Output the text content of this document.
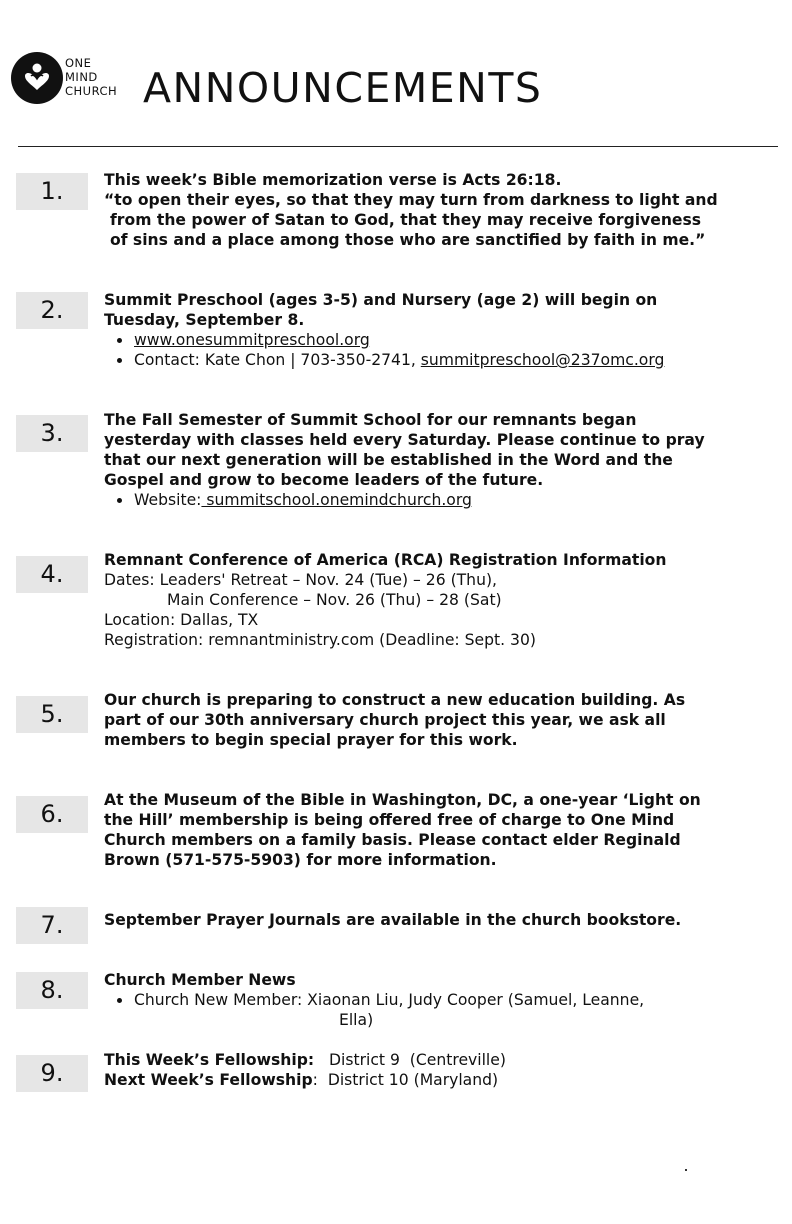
ONE
MIND
CHURCH ANNOUNCEMENTS
1.	This week’s Bible memorization verse is Acts 26:18.
“to open their eyes, so that they may turn from darkness to light and
from the power of Satan to God, that they may receive forgiveness
of sins and a place among those who are sanctified by faith in me.”
2.	Summit Preschool (ages 3-5) and Nursery (age 2) will begin on
Tuesday, September 8.
www.onesummitpreschool.org
Contact: Kate Chon | 703-350-2741, summitpreschool@237omc.org
3.	The Fall Semester of Summit School for our remnants began
yesterday with classes held every Saturday. Please continue to pray
that our next generation will be established in the Word and the
Gospel and grow to become leaders of the future.
Website: summitschool.onemindchurch.org
4.	Remnant Conference of America (RCA) Registration Information
Dates: Leaders' Retreat – Nov. 24 (Tue) – 26 (Thu),
Main Conference – Nov. 26 (Thu) – 28 (Sat)
Location: Dallas, TX
Registration: remnantministry.com (Deadline: Sept. 30)
5.	Our church is preparing to construct a new education building. As
part of our 30th anniversary church project this year, we ask all
members to begin special prayer for this work.
6.	At the Museum of the Bible in Washington, DC, a one-year ‘Light on
the Hill’ membership is being offered free of charge to One Mind
Church members on a family basis. Please contact elder Reginald
Brown (571-575-5903) for more information.
7.	September Prayer Journals are available in the church bookstore.
8.	Church Member News
Church New Member: Xiaonan Liu, Judy Cooper (Samuel, Leanne,
Ella)
9.	This Week’s Fellowship:   District 9  (Centreville)
Next Week’s Fellowship:  District 10 (Maryland)
